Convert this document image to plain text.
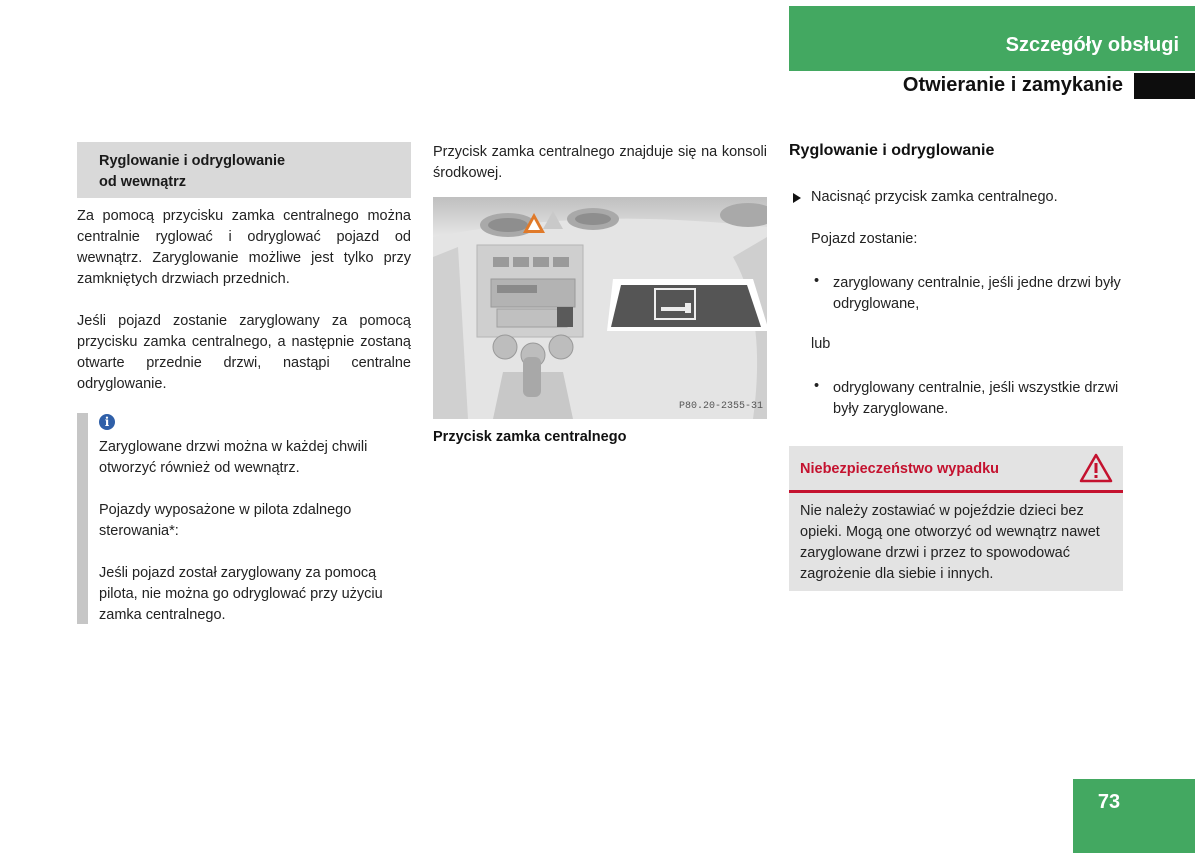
Szczegóły obsługi
Otwieranie i zamykanie
Ryglowanie i odryglowanie
od wewnątrz
Za pomocą przycisku zamka centralnego można centralnie ryglować i odryglować pojazd od wewnątrz. Zaryglowanie możliwe jest tylko przy zamkniętych drzwiach przednich.
Jeśli pojazd zostanie zaryglowany za pomocą przycisku zamka centralnego, a następnie zostaną otwarte przednie drzwi, nastąpi centralne odryglowanie.
i
Zaryglowane drzwi można w każdej chwili otworzyć również od wewnątrz.
Pojazdy wyposażone w pilota zdalnego sterowania*:
Jeśli pojazd został zaryglowany za pomocą pilota, nie można go odryglować przy użyciu zamka centralnego.
Przycisk zamka centralnego znajduje się na konsoli środkowej.
P80.20-2355-31
Przycisk zamka centralnego
Ryglowanie i odryglowanie
Nacisnąć przycisk zamka centralnego.
Pojazd zostanie:
• zaryglowany centralnie, jeśli jedne drzwi były odryglowane,
lub
• odryglowany centralnie, jeśli wszystkie drzwi były zaryglowane.
Niebezpieczeństwo wypadku
Nie należy zostawiać w pojeździe dzieci bez opieki. Mogą one otworzyć od wewnątrz nawet zaryglowane drzwi i przez to spowodować zagrożenie dla siebie i innych.
73
